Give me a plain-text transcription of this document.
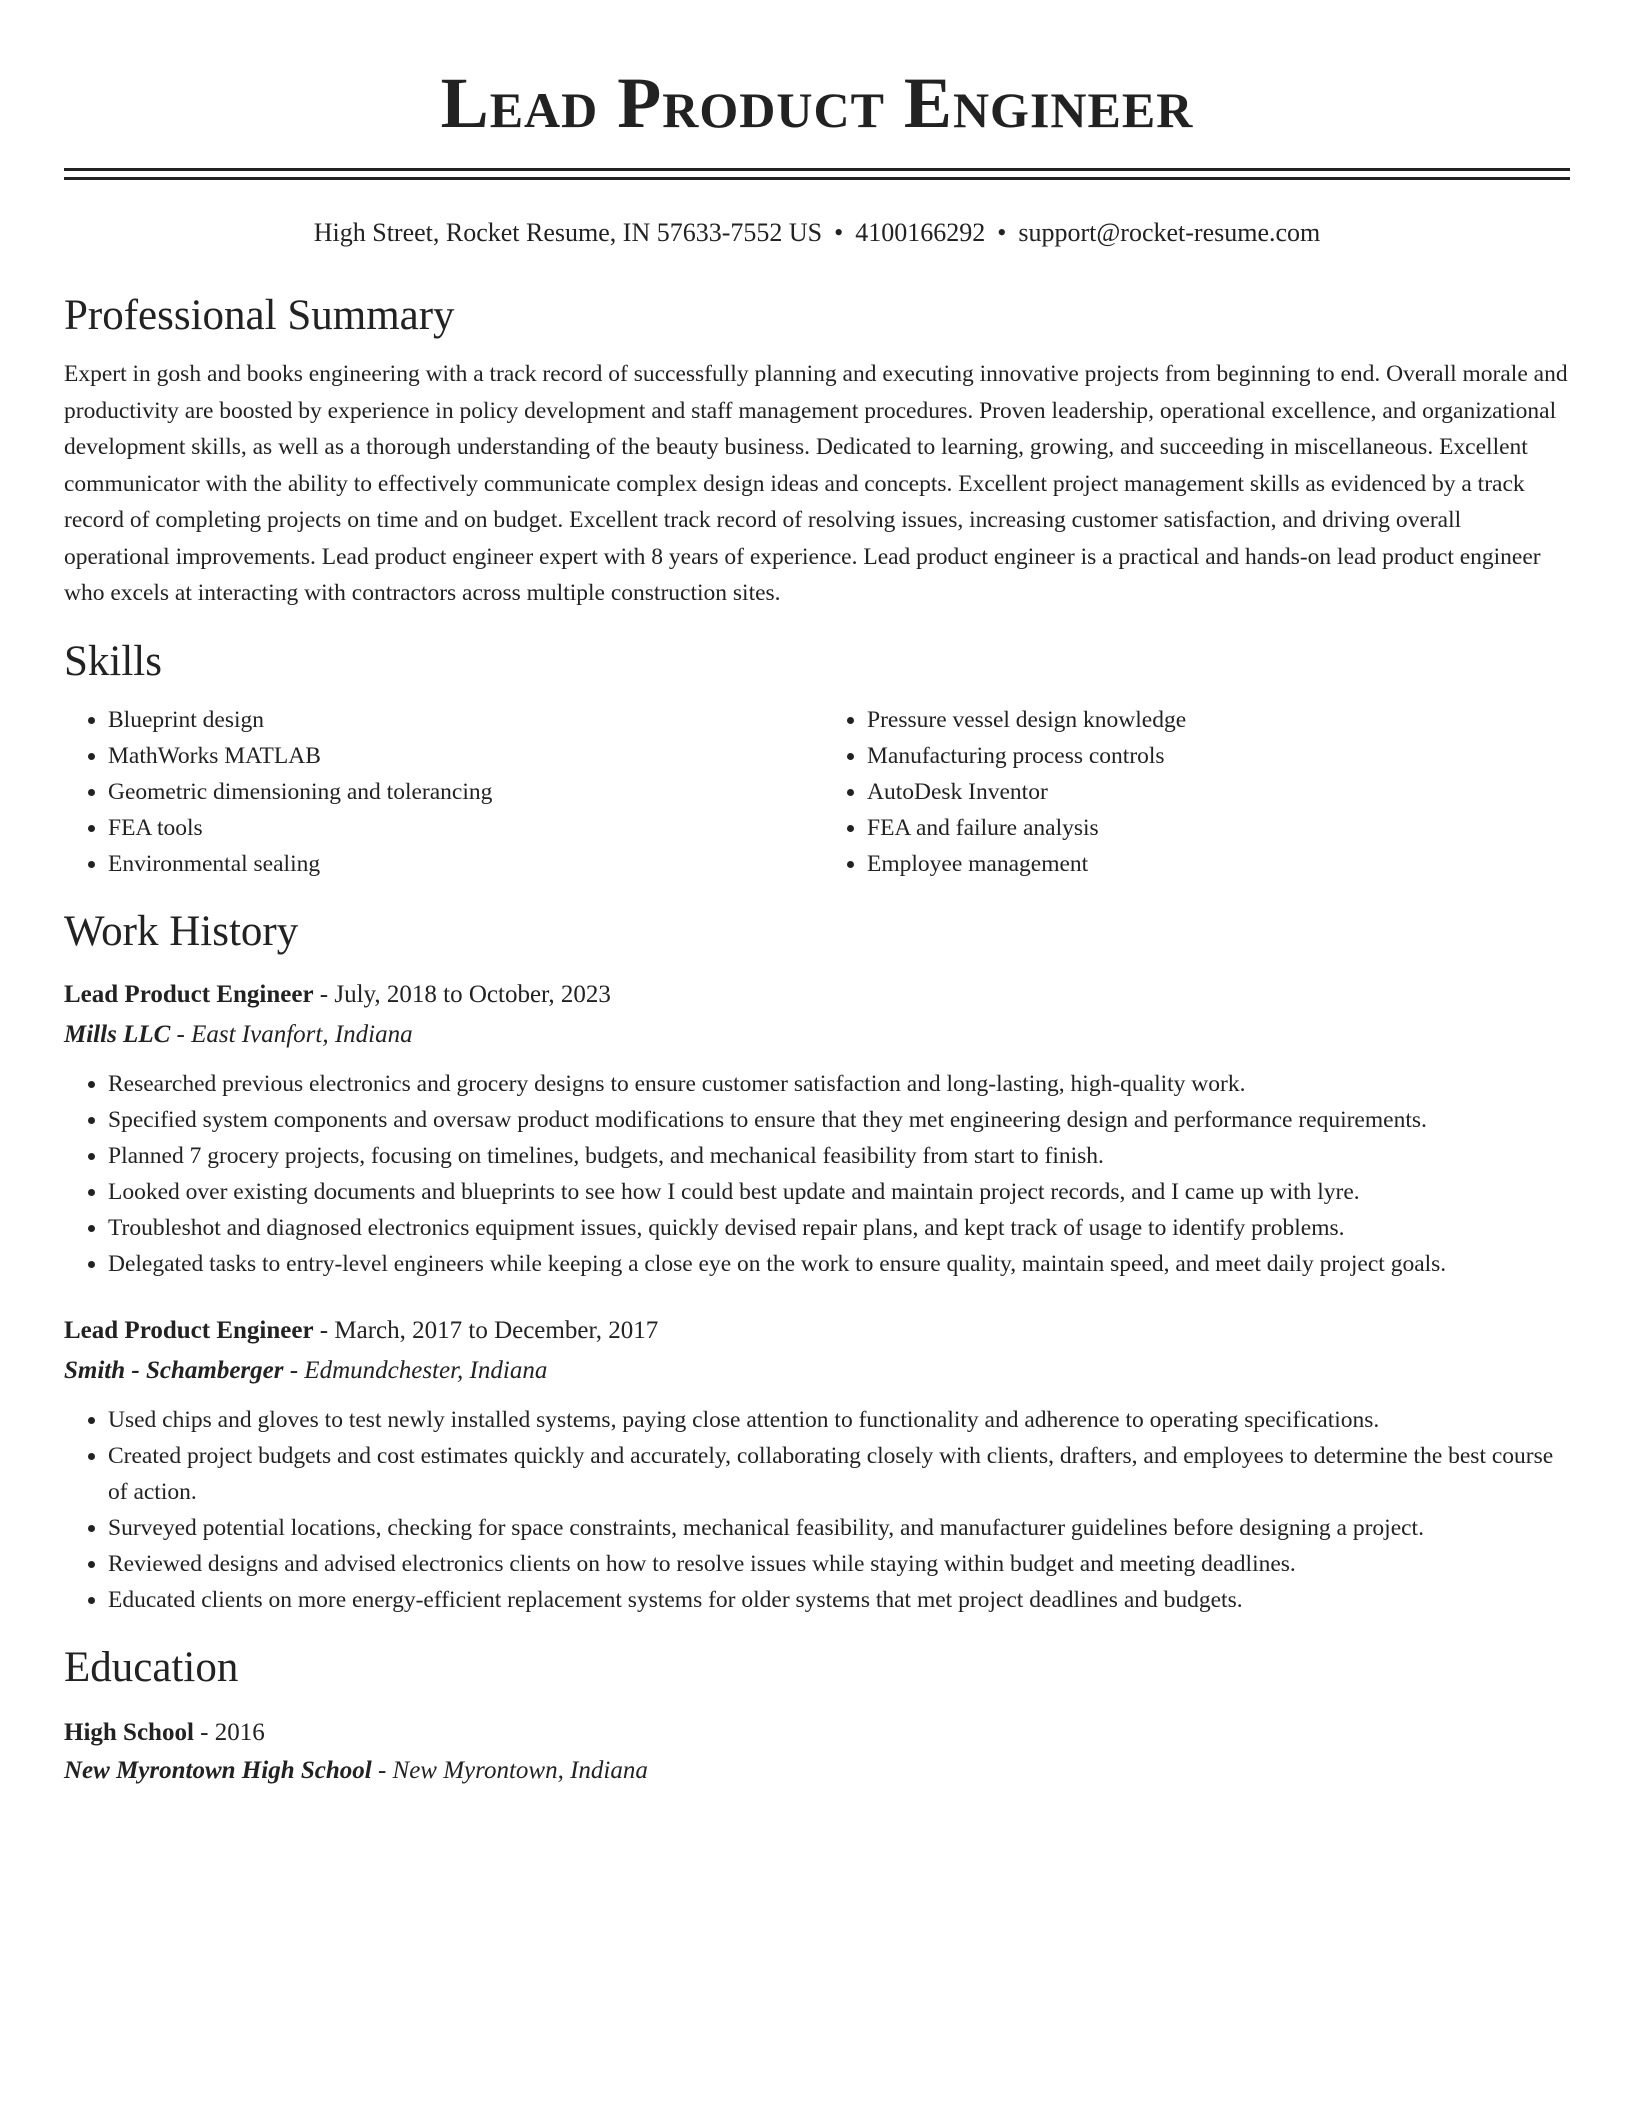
Lead Product Engineer
High Street, Rocket Resume, IN 57633-7552 US • 4100166292 • support@rocket-resume.com
Professional Summary
Expert in gosh and books engineering with a track record of successfully planning and executing innovative projects from beginning to end. Overall morale and productivity are boosted by experience in policy development and staff management procedures. Proven leadership, operational excellence, and organizational development skills, as well as a thorough understanding of the beauty business. Dedicated to learning, growing, and succeeding in miscellaneous. Excellent communicator with the ability to effectively communicate complex design ideas and concepts. Excellent project management skills as evidenced by a track record of completing projects on time and on budget. Excellent track record of resolving issues, increasing customer satisfaction, and driving overall operational improvements. Lead product engineer expert with 8 years of experience. Lead product engineer is a practical and hands-on lead product engineer who excels at interacting with contractors across multiple construction sites.
Skills
• Blueprint design
• MathWorks MATLAB
• Geometric dimensioning and tolerancing
• FEA tools
• Environmental sealing
• Pressure vessel design knowledge
• Manufacturing process controls
• AutoDesk Inventor
• FEA and failure analysis
• Employee management
Work History
Lead Product Engineer - July, 2018 to October, 2023
Mills LLC - East Ivanfort, Indiana
• Researched previous electronics and grocery designs to ensure customer satisfaction and long-lasting, high-quality work.
• Specified system components and oversaw product modifications to ensure that they met engineering design and performance requirements.
• Planned 7 grocery projects, focusing on timelines, budgets, and mechanical feasibility from start to finish.
• Looked over existing documents and blueprints to see how I could best update and maintain project records, and I came up with lyre.
• Troubleshot and diagnosed electronics equipment issues, quickly devised repair plans, and kept track of usage to identify problems.
• Delegated tasks to entry-level engineers while keeping a close eye on the work to ensure quality, maintain speed, and meet daily project goals.
Lead Product Engineer - March, 2017 to December, 2017
Smith - Schamberger - Edmundchester, Indiana
• Used chips and gloves to test newly installed systems, paying close attention to functionality and adherence to operating specifications.
• Created project budgets and cost estimates quickly and accurately, collaborating closely with clients, drafters, and employees to determine the best course of action.
• Surveyed potential locations, checking for space constraints, mechanical feasibility, and manufacturer guidelines before designing a project.
• Reviewed designs and advised electronics clients on how to resolve issues while staying within budget and meeting deadlines.
• Educated clients on more energy-efficient replacement systems for older systems that met project deadlines and budgets.
Education
High School - 2016
New Myrontown High School - New Myrontown, Indiana
